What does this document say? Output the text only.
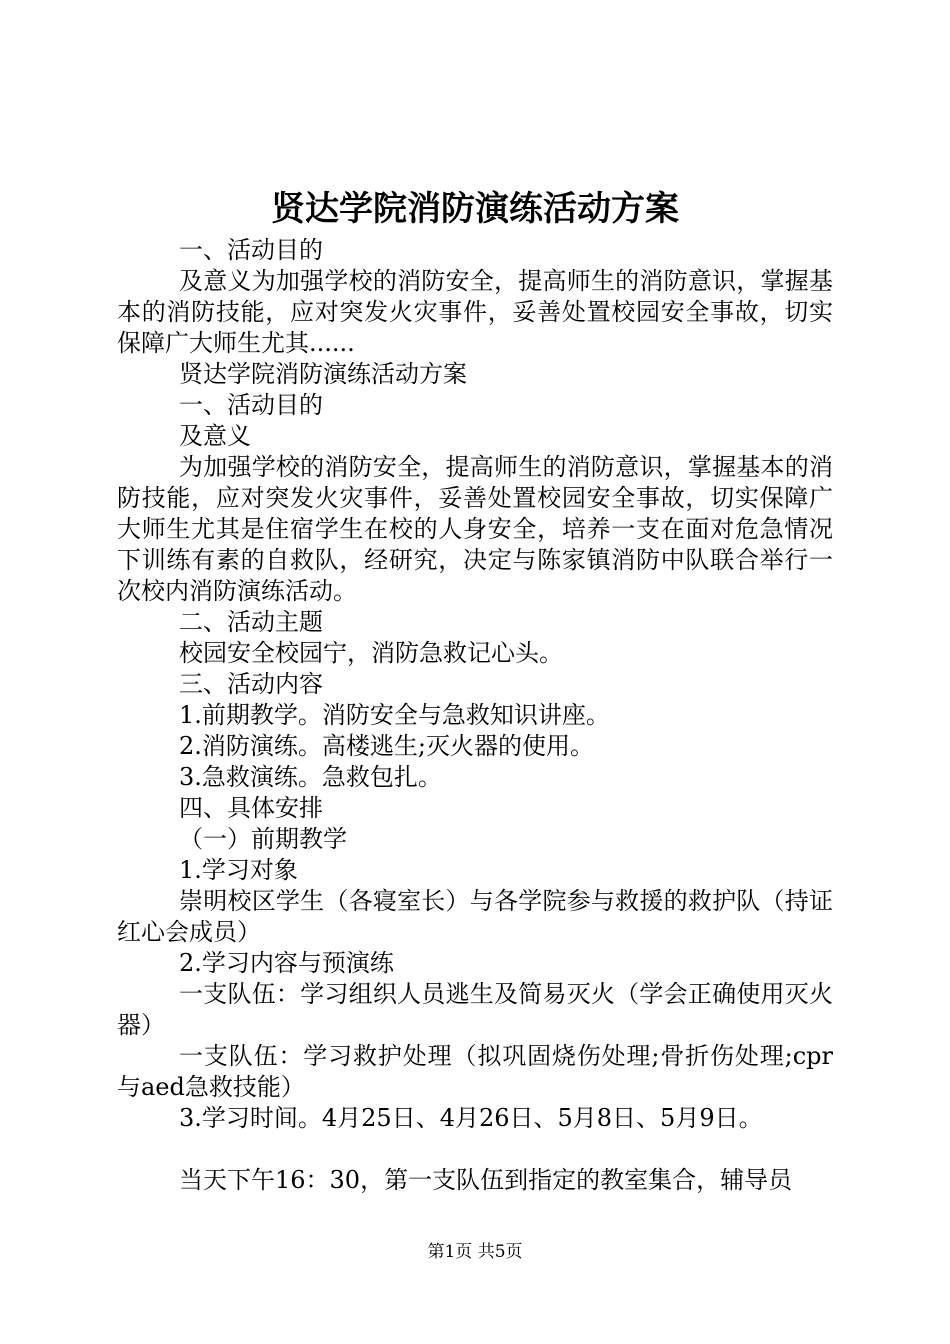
贤达学院消防演练活动方案

一、活动目的

及意义为加强学校的消防安全，提高师生的消防意识，掌握基本的消防技能，应对突发火灾事件，妥善处置校园安全事故，切实保障广大师生尤其......

贤达学院消防演练活动方案

一、活动目的

及意义

为加强学校的消防安全，提高师生的消防意识，掌握基本的消防技能，应对突发火灾事件，妥善处置校园安全事故，切实保障广大师生尤其是住宿学生在校的人身安全，培养一支在面对危急情况下训练有素的自救队，经研究，决定与陈家镇消防中队联合举行一次校内消防演练活动。

二、活动主题

校园安全校园宁，消防急救记心头。

三、活动内容

1.前期教学。消防安全与急救知识讲座。

2.消防演练。高楼逃生;灭火器的使用。

3.急救演练。急救包扎。

四、具体安排

（一）前期教学

1.学习对象

崇明校区学生（各寝室长）与各学院参与救援的救护队（持证红心会成员）

2.学习内容与预演练

一支队伍：学习组织人员逃生及简易灭火（学会正确使用灭火器）

一支队伍：学习救护处理（拟巩固烧伤处理;骨折伤处理;cpr与aed急救技能）

3.学习时间。4月25日、4月26日、5月8日、5月9日。

当天下午16：30，第一支队伍到指定的教室集合，辅导员

第1页 共5页
